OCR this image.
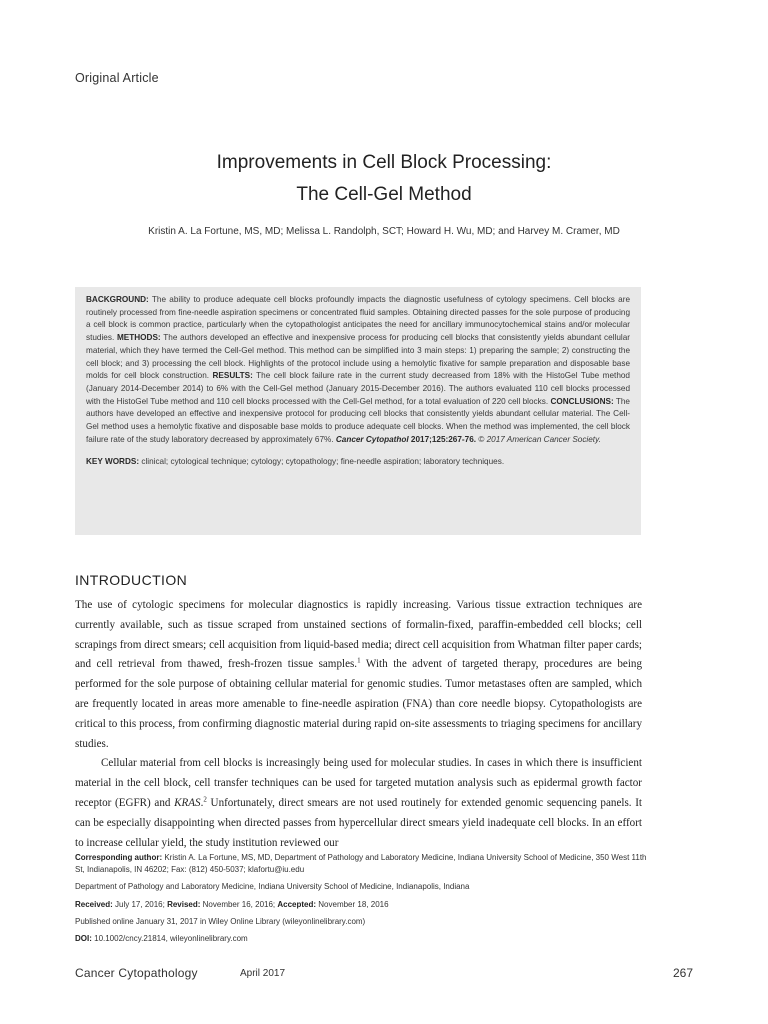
Original Article
Improvements in Cell Block Processing:
The Cell-Gel Method
Kristin A. La Fortune, MS, MD; Melissa L. Randolph, SCT; Howard H. Wu, MD; and Harvey M. Cramer, MD
BACKGROUND: The ability to produce adequate cell blocks profoundly impacts the diagnostic usefulness of cytology specimens. Cell blocks are routinely processed from fine-needle aspiration specimens or concentrated fluid samples. Obtaining directed passes for the sole purpose of producing a cell block is common practice, particularly when the cytopathologist anticipates the need for ancillary immunocytochemical stains and/or molecular studies. METHODS: The authors developed an effective and inexpensive process for producing cell blocks that consistently yields abundant cellular material, which they have termed the Cell-Gel method. This method can be simplified into 3 main steps: 1) preparing the sample; 2) constructing the cell block; and 3) processing the cell block. Highlights of the protocol include using a hemolytic fixative for sample preparation and disposable base molds for cell block construction. RESULTS: The cell block failure rate in the current study decreased from 18% with the HistoGel Tube method (January 2014-December 2014) to 6% with the Cell-Gel method (January 2015-December 2016). The authors evaluated 110 cell blocks processed with the HistoGel Tube method and 110 cell blocks processed with the Cell-Gel method, for a total evaluation of 220 cell blocks. CONCLUSIONS: The authors have developed an effective and inexpensive protocol for producing cell blocks that consistently yields abundant cellular material. The Cell-Gel method uses a hemolytic fixative and disposable base molds to produce adequate cell blocks. When the method was implemented, the cell block failure rate of the study laboratory decreased by approximately 67%. Cancer Cytopathol 2017;125:267-76. © 2017 American Cancer Society.
KEY WORDS: clinical; cytological technique; cytology; cytopathology; fine-needle aspiration; laboratory techniques.
INTRODUCTION

The use of cytologic specimens for molecular diagnostics is rapidly increasing. Various tissue extraction techniques are currently available, such as tissue scraped from unstained sections of formalin-fixed, paraffin-embedded cell blocks; cell scrapings from direct smears; cell acquisition from liquid-based media; direct cell acquisition from Whatman filter paper cards; and cell retrieval from thawed, fresh-frozen tissue samples.$^1$ With the advent of targeted therapy, procedures are being performed for the sole purpose of obtaining cellular material for genomic studies. Tumor metastases often are sampled, which are frequently located in areas more amenable to fine-needle aspiration (FNA) than core needle biopsy. Cytopathologists are critical to this process, from confirming diagnostic material during rapid on-site assessments to triaging specimens for ancillary studies.

Cellular material from cell blocks is increasingly being used for molecular studies. In cases in which there is insufficient material in the cell block, cell transfer techniques can be used for targeted mutation analysis such as epidermal growth factor receptor (EGFR) and KRAS.$^2$ Unfortunately, direct smears are not used routinely for extended genomic sequencing panels. It can be especially disappointing when directed passes from hypercellular direct smears yield inadequate cell blocks. In an effort to increase cellular yield, the study institution reviewed our

Corresponding author: Kristin A. La Fortune, MS, MD, Department of Pathology and Laboratory Medicine, Indiana University School of Medicine, 350 West 11th St, Indianapolis, IN 46202; Fax: (812) 450-5037; klafortu@iu.edu
Department of Pathology and Laboratory Medicine, Indiana University School of Medicine, Indianapolis, Indiana
Received: July 17, 2016; Revised: November 16, 2016; Accepted: November 18, 2016
Published online January 31, 2017 in Wiley Online Library (wileyonlinelibrary.com)
DOI: 10.1002/cncy.21814, wileyonlinelibrary.com
Cancer Cytopathology	April 2017	267
